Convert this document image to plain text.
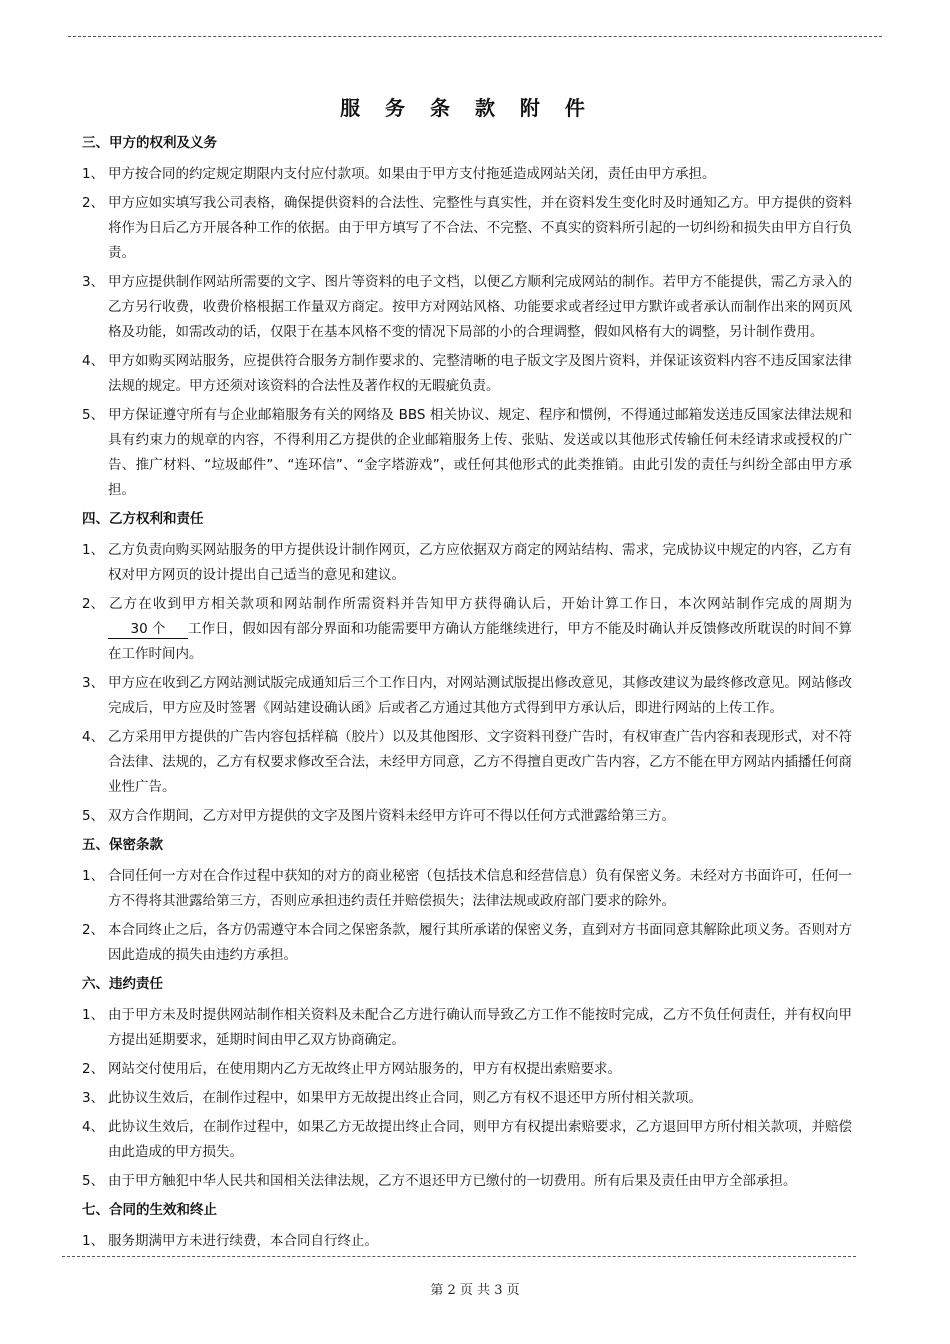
服 务 条 款 附 件
三、甲方的权利及义务
1、 甲方按合同的约定规定期限内支付应付款项。如果由于甲方支付拖延造成网站关闭，责任由甲方承担。
2、 甲方应如实填写我公司表格，确保提供资料的合法性、完整性与真实性，并在资料发生变化时及时通知乙方。甲方提供的资料将作为日后乙方开展各种工作的依据。由于甲方填写了不合法、不完整、不真实的资料所引起的一切纠纷和损失由甲方自行负责。
3、 甲方应提供制作网站所需要的文字、图片等资料的电子文档，以便乙方顺利完成网站的制作。若甲方不能提供，需乙方录入的乙方另行收费，收费价格根据工作量双方商定。按甲方对网站风格、功能要求或者经过甲方默许或者承认而制作出来的网页风格及功能，如需改动的话，仅限于在基本风格不变的情况下局部的小的合理调整，假如风格有大的调整，另计制作费用。
4、 甲方如购买网站服务，应提供符合服务方制作要求的、完整清晰的电子版文字及图片资料，并保证该资料内容不违反国家法律法规的规定。甲方还须对该资料的合法性及著作权的无暇疵负责。
5、 甲方保证遵守所有与企业邮箱服务有关的网络及 BBS 相关协议、规定、程序和惯例，不得通过邮箱发送违反国家法律法规和具有约束力的规章的内容，不得利用乙方提供的企业邮箱服务上传、张贴、发送或以其他形式传输任何未经请求或授权的广告、推广材料、“垃圾邮件”、“连环信”、“金字塔游戏”，或任何其他形式的此类推销。由此引发的责任与纠纷全部由甲方承担。
四、乙方权利和责任
1、 乙方负责向购买网站服务的甲方提供设计制作网页，乙方应依据双方商定的网站结构、需求，完成协议中规定的内容，乙方有权对甲方网页的设计提出自己适当的意见和建议。
2、 乙方在收到甲方相关款项和网站制作所需资料并告知甲方获得确认后，开始计算工作日，本次网站制作完成的周期为30 个 工作日，假如因有部分界面和功能需要甲方确认方能继续进行，甲方不能及时确认并反馈修改所耽误的时间不算在工作时间内。
3、 甲方应在收到乙方网站测试版完成通知后三个工作日内，对网站测试版提出修改意见，其修改建议为最终修改意见。网站修改完成后，甲方应及时签署《网站建设确认函》后或者乙方通过其他方式得到甲方承认后，即进行网站的上传工作。
4、 乙方采用甲方提供的广告内容包括样稿（胶片）以及其他图形、文字资料刊登广告时，有权审查广告内容和表现形式，对不符合法律、法规的，乙方有权要求修改至合法，未经甲方同意，乙方不得擅自更改广告内容，乙方不能在甲方网站内插播任何商业性广告。
5、 双方合作期间，乙方对甲方提供的文字及图片资料未经甲方许可不得以任何方式泄露给第三方。
五、保密条款
1、 合同任何一方对在合作过程中获知的对方的商业秘密（包括技术信息和经营信息）负有保密义务。未经对方书面许可，任何一方不得将其泄露给第三方，否则应承担违约责任并赔偿损失；法律法规或政府部门要求的除外。
2、 本合同终止之后，各方仍需遵守本合同之保密条款，履行其所承诺的保密义务，直到对方书面同意其解除此项义务。否则对方因此造成的损失由违约方承担。
六、违约责任
1、 由于甲方未及时提供网站制作相关资料及未配合乙方进行确认而导致乙方工作不能按时完成，乙方不负任何责任，并有权向甲方提出延期要求，延期时间由甲乙双方协商确定。
2、 网站交付使用后，在使用期内乙方无故终止甲方网站服务的，甲方有权提出索赔要求。
3、 此协议生效后，在制作过程中，如果甲方无故提出终止合同，则乙方有权不退还甲方所付相关款项。
4、 此协议生效后，在制作过程中，如果乙方无故提出终止合同，则甲方有权提出索赔要求，乙方退回甲方所付相关款项，并赔偿由此造成的甲方损失。
5、 由于甲方触犯中华人民共和国相关法律法规，乙方不退还甲方已缴付的一切费用。所有后果及责任由甲方全部承担。
七、合同的生效和终止
1、 服务期满甲方未进行续费，本合同自行终止。
第 2 页 共 3 页
